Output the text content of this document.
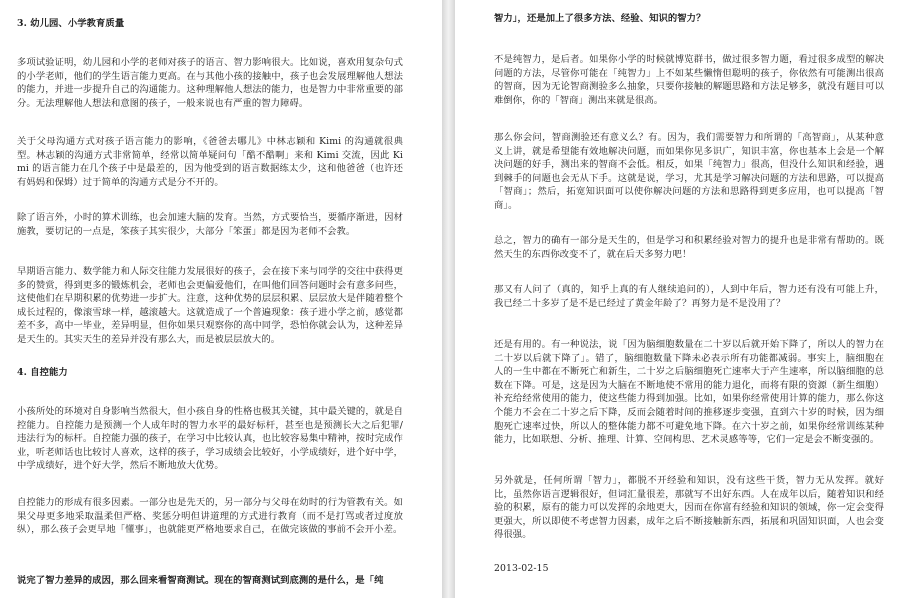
3. 幼儿园、小学教育质量

多项试验证明，幼儿园和小学的老师对孩子的语言、智力影响很大。比如说，喜欢用复杂句式的小学老师，他们的学生语言能力更高。在与其他小孩的接触中，孩子也会发展理解他人想法的能力，并进一步提升自己的沟通能力。这种理解他人想法的能力，也是智力中非常重要的部分。无法理解他人想法和意图的孩子，一般来说也有严重的智力障碍。

关于父母沟通方式对孩子语言能力的影响，《爸爸去哪儿》中林志颖和 Kimi 的沟通就很典型。林志颖的沟通方式非常简单，经常以简单疑问句「酷不酷啊」来和 Kimi 交流，因此 Kimi 的语言能力在几个孩子中是最差的，因为他受到的语言数据练太少，这和他爸爸（也许还有妈妈和保姆）过于简单的沟通方式是分不开的。

除了语言外，小时的算术训练，也会加速大脑的发育。当然，方式要恰当，要循序渐进，因材施教，要切记的一点是，笨孩子其实很少，大部分「笨蛋」都是因为老师不会教。

早期语言能力、数学能力和人际交往能力发展很好的孩子，会在接下来与同学的交往中获得更多的赞赏，得到更多的锻炼机会，老师也会更偏爱他们，在叫他们回答问题时会有意多问些，这使他们在早期积累的优势进一步扩大。注意，这种优势的层层积累、层层放大是伴随着整个成长过程的，像滚雪球一样，越滚越大。这就造成了一个普遍现象：孩子进小学之前，感觉都差不多，高中一毕业，差异明显，但你如果只观察你的高中同学，恐怕你就会认为，这种差异是天生的。其实天生的差异并没有那么大，而是被层层放大的。

4. 自控能力

小孩所处的环境对自身影响当然很大，但小孩自身的性格也极其关键，其中最关键的，就是自控能力。自控能力是预测一个人成年时的智力水平的最好标杆，甚至也是预测长大之后犯罪/违法行为的标杆。自控能力强的孩子，在学习中比较认真，也比较容易集中精神，按时完成作业，听老师话也比较讨人喜欢，这样的孩子，学习成绩会比较好，小学成绩好，进个好中学，中学成绩好，进个好大学，然后不断地放大优势。

自控能力的形成有很多因素。一部分也是先天的，另一部分与父母在幼时的行为管教有关。如果父母更多地采取温柔但严格、奖惩分明但讲道理的方式进行教育（而不是打骂或者过度放纵），那么孩子会更早地「懂事」，也就能更严格地要求自己，在做完该做的事前不会开小差。

说完了智力差异的成因，那么回来看智商测试。现在的智商测试到底测的是什么，是「纯

智力」，还是加上了很多方法、经验、知识的智力？

不是纯智力，是后者。如果你小学的时候就博览群书，做过很多智力题，看过很多成型的解决问题的方法，尽管你可能在「纯智力」上不如某些懒惰但聪明的孩子，你依然有可能测出很高的智商，因为无论智商测验多么抽象，只要你接触的解题思路和方法足够多，就没有题目可以难倒你，你的「智商」测出来就是很高。

那么你会问，智商测验还有意义么？有。因为，我们需要智力和所谓的「高智商」，从某种意义上讲，就是希望能有效地解决问题，而如果你见多识广，知识丰富，你也基本上会是一个解决问题的好手，测出来的智商不会低。相反，如果「纯智力」很高，但没什么知识和经验，遇到棘手的问题也会无从下手。这就是说，学习，尤其是学习解决问题的方法和思路，可以提高「智商」；然后，拓宽知识面可以使你解决问题的方法和思路得到更多应用，也可以提高「智商」。

总之，智力的确有一部分是天生的，但是学习和积累经验对智力的提升也是非常有帮助的。既然天生的东西你改变不了，就在后天多努力吧！

那又有人问了（真的，知乎上真的有人继续追问的），人到中年后，智力还有没有可能上升，我已经二十多岁了是不是已经过了黄金年龄了？再努力是不是没用了？

还是有用的。有一种说法，说「因为脑细胞数量在二十岁以后就开始下降了，所以人的智力在二十岁以后就下降了」。错了，脑细胞数量下降未必表示所有功能都减弱。事实上，脑细胞在人的一生中都在不断死亡和新生，二十岁之后脑细胞死亡速率大于产生速率，所以脑细胞的总数在下降。可是，这是因为大脑在不断地使不常用的能力退化，而将有限的资源（新生细胞）补充给经常使用的能力，使这些能力得到加强。比如，如果你经常使用计算的能力，那么你这个能力不会在二十岁之后下降，反而会随着时间的推移逐步变强，直到六十岁的时候，因为细胞死亡速率过快，所以人的整体能力都不可避免地下降。在六十岁之前，如果你经常训练某种能力，比如联想、分析、推理、计算、空间构思、艺术灵感等等，它们一定是会不断变强的。

另外就是，任何所谓「智力」，都脱不开经验和知识，没有这些干货，智力无从发挥。就好比，虽然你语言逻辑很好，但词汇量很差，那就写不出好东西。人在成年以后，随着知识和经验的积累，原有的能力可以发挥的余地更大，因而在你富有经验和知识的领域，你一定会变得更强大，所以即使不考虑智力因素，成年之后不断接触新东西，拓展和巩固知识面，人也会变得很强。

2013-02-15
